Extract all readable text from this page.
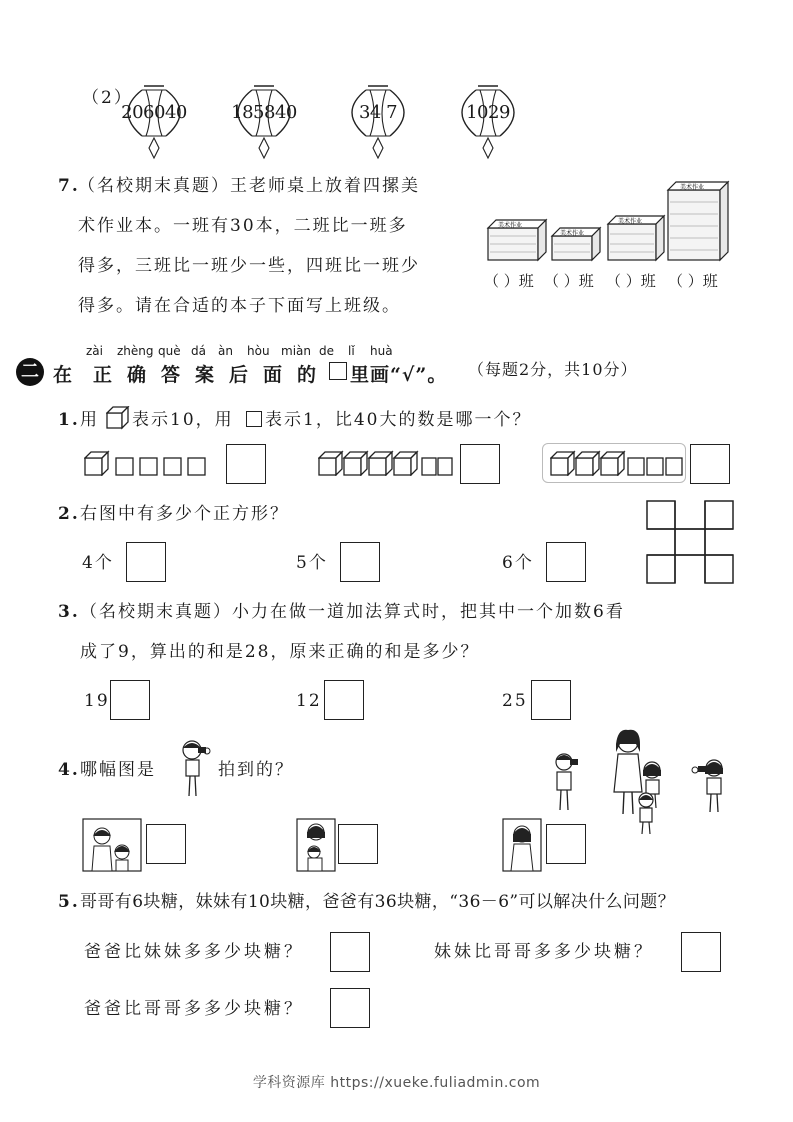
（2）
206040 185840	34 7	1029
7.
（名校期末真题）王老师桌上放着四摞美
术作业本。一班有30本，二班比一班多
得多，三班比一班少一些，四班比一班少
得多。请在合适的本子下面写上班级。
美术作业
美术作业
美术作业
美术作业
（ ）班 （ ）班 （ ）班 （ ）班
zài zhèng què dá àn hòu miàn de lǐ huà
二 在 正 确 答 案 后 面 的 里画“√”。 （每题2分，共10分）
1. 用 表示10，用 表示1，比40大的数是哪一个？
2. 右图中有多少个正方形？
4个	5个	6个
3. （名校期末真题）小力在做一道加法算式时，把其中一个加数6看
成了9，算出的和是28，原来正确的和是多少？
19	12	25
4. 哪幅图是	拍到的？
5. 哥哥有6块糖，妹妹有10块糖，爸爸有36块糖，“36－6”可以解决什么问题？
爸爸比妹妹多多少块糖？	妹妹比哥哥多多少块糖？
爸爸比哥哥多多少块糖？
学科资源库 https://xueke.fuliadmin.com
